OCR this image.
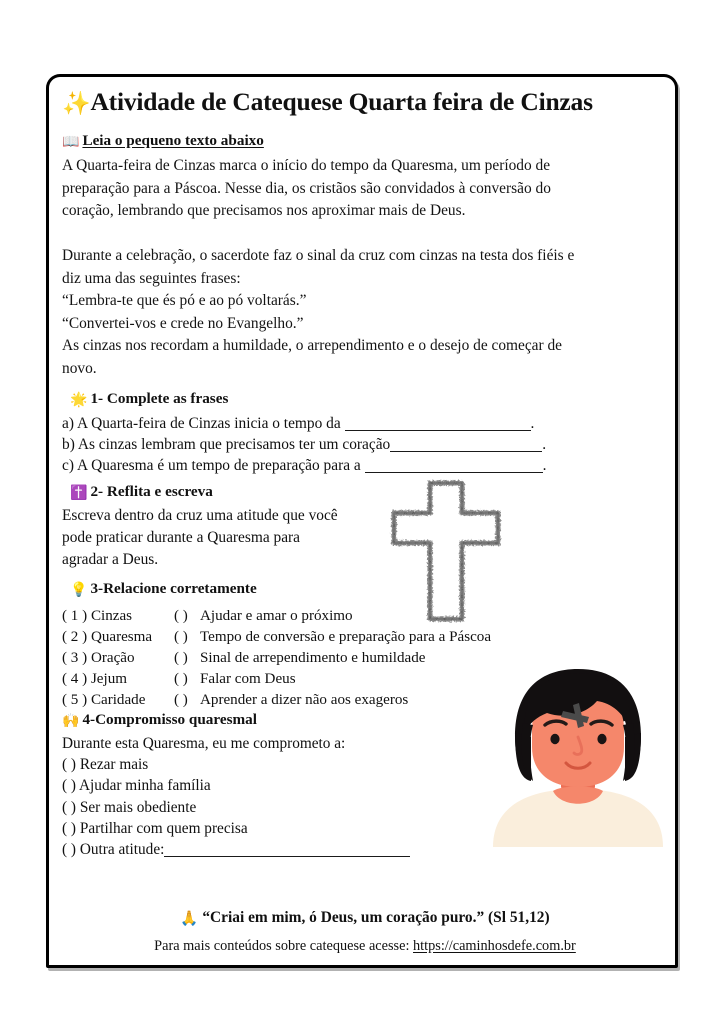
✨Atividade de Catequese Quarta feira de Cinzas
📖 Leia o pequeno texto abaixo

A Quarta-feira de Cinzas marca o início do tempo da Quaresma, um período de preparação para a Páscoa. Nesse dia, os cristãos são convidados à conversão do coração, lembrando que precisamos nos aproximar mais de Deus.

Durante a celebração, o sacerdote faz o sinal da cruz com cinzas na testa dos fiéis e diz uma das seguintes frases:

“Lembra-te que és pó e ao pó voltarás.”

“Convertei-vos e crede no Evangelho.”

As cinzas nos recordam a humildade, o arrependimento e o desejo de começar de novo.

🌟 1- Complete as frases
a) A Quarta-feira de Cinzas inicia o tempo da	.
b) As cinzas lembram que precisamos ter um coração	.
c) A Quaresma é um tempo de preparação para a	.
✝️ 2- Reflita e escreva
Escreva dentro da cruz uma atitude que você
pode praticar durante a Quaresma para
agradar a Deus.
💡 3-Relacione corretamente
( 1 ) Cinzas	( )	Ajudar e amar o próximo
( 2 ) Quaresma	( )	Tempo de conversão e preparação para a Páscoa
( 3 ) Oração	( )	Sinal de arrependimento e humildade
( 4 ) Jejum	( )	Falar com Deus
( 5 ) Caridade	( )	Aprender a dizer não aos exageros
🙌 4-Compromisso quaresmal
Durante esta Quaresma, eu me comprometo a:
( ) Rezar mais
( ) Ajudar minha família
( ) Ser mais obediente
( ) Partilhar com quem precisa
( ) Outra atitude:
🙏 “Criai em mim, ó Deus, um coração puro.” (Sl 51,12)
Para mais conteúdos sobre catequese acesse: https://caminhosdefe.com.br
